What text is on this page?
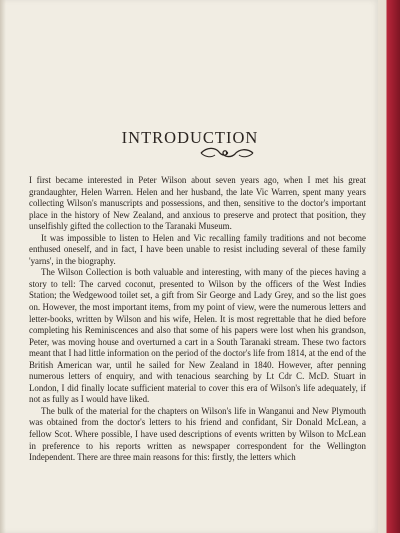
INTRODUCTION

I first became interested in Peter Wilson about seven years ago, when I met his great grandaughter, Helen Warren. Helen and her husband, the late Vic Warren, spent many years collecting Wilson's manuscripts and possessions, and then, sensitive to the doctor's important place in the history of New Zealand, and anxious to preserve and protect that position, they unselfishly gifted the collection to the Taranaki Museum.

It was impossible to listen to Helen and Vic recalling family traditions and not become enthused oneself, and in fact, I have been unable to resist including several of these family 'yarns', in the biography.

The Wilson Collection is both valuable and interesting, with many of the pieces having a story to tell: The carved coconut, presented to Wilson by the officers of the West Indies Station; the Wedgewood toilet set, a gift from Sir George and Lady Grey, and so the list goes on. However, the most important items, from my point of view, were the numerous letters and letter-books, written by Wilson and his wife, Helen. It is most regrettable that he died before completing his Reminiscences and also that some of his papers were lost when his grandson, Peter, was moving house and overturned a cart in a South Taranaki stream. These two factors meant that I had little information on the period of the doctor's life from 1814, at the end of the British American war, until he sailed for New Zealand in 1840. However, after penning numerous letters of enquiry, and with tenacious searching by Lt Cdr C. McD. Stuart in London, I did finally locate sufficient material to cover this era of Wilson's life adequately, if not as fully as I would have liked.

The bulk of the material for the chapters on Wilson's life in Wanganui and New Plymouth was obtained from the doctor's letters to his friend and confidant, Sir Donald McLean, a fellow Scot. Where possible, I have used descriptions of events written by Wilson to McLean in preference to his reports written as newspaper correspondent for the Wellington Independent. There are three main reasons for this: firstly, the letters which
